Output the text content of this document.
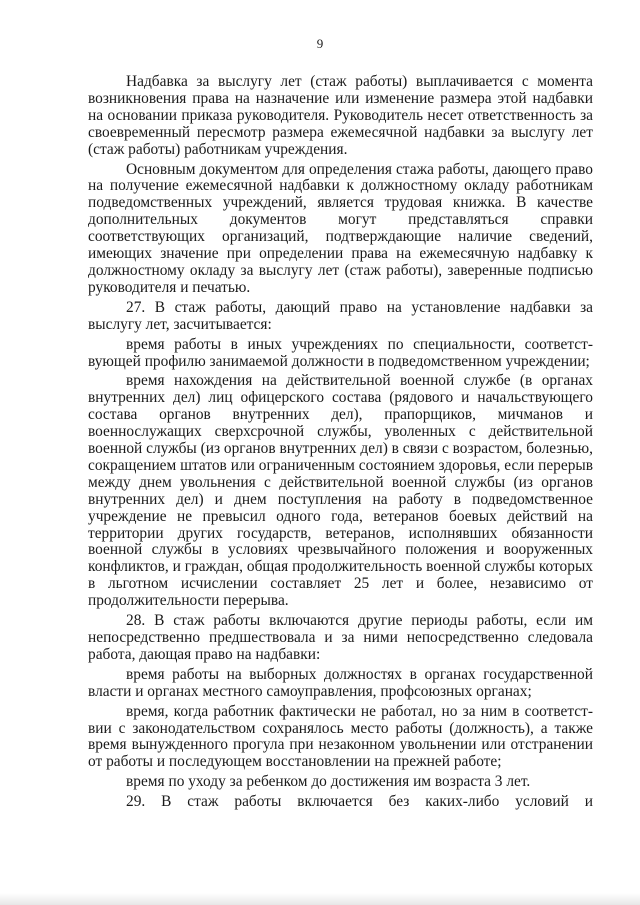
9

Надбавка за выслугу лет (стаж работы) выплачивается с момента возникновения права на назначение или изменение размера этой надбавки на основании приказа руководителя. Руководитель несет ответственность за своевременный пересмотр размера ежемесячной надбавки за выслугу лет (стаж работы) работникам учреждения.

Основным документом для определения стажа работы, дающего право на получение ежемесячной надбавки к должностному окладу работникам подведомственных учреждений, является трудовая книжка. В качестве дополнительных документов могут представляться справки соответствующих организаций, подтверждающие наличие сведений, имеющих значение при определении права на ежемесячную надбавку к должностному окладу за выслугу лет (стаж работы), заверенные подписью руководителя и печатью.

27. В стаж работы, дающий право на установление надбавки за выслугу лет, засчитывается:

время работы в иных учреждениях по специальности, соответствующей профилю занимаемой должности в подведомственном учреждении;

время нахождения на действительной военной службе (в органах внутренних дел) лиц офицерского состава (рядового и начальствующего состава органов внутренних дел), прапорщиков, мичманов и военнослужащих сверхсрочной службы, уволенных с действительной военной службы (из органов внутренних дел) в связи с возрастом, болезнью, сокращением штатов или ограниченным состоянием здоровья, если перерыв между днем увольнения с действительной военной службы (из органов внутренних дел) и днем поступления на работу в подведомственное учреждение не превысил одного года, ветеранов боевых действий на территории других государств, ветеранов, исполнявших обязанности военной службы в условиях чрезвычайного положения и вооруженных конфликтов, и граждан, общая продолжительность военной службы которых в льготном исчислении составляет 25 лет и более, независимо от продолжительности перерыва.

28. В стаж работы включаются другие периоды работы, если им непосредственно предшествовала и за ними непосредственно следовала работа, дающая право на надбавки:

время работы на выборных должностях в органах государственной власти и органах местного самоуправления, профсоюзных органах;

время, когда работник фактически не работал, но за ним в соответствии с законодательством сохранялось место работы (должность), а также время вынужденного прогула при незаконном увольнении или отстранении от работы и последующем восстановлении на прежней работе;

время по уходу за ребенком до достижения им возраста 3 лет.

29. В стаж работы включается без каких-либо условий и
